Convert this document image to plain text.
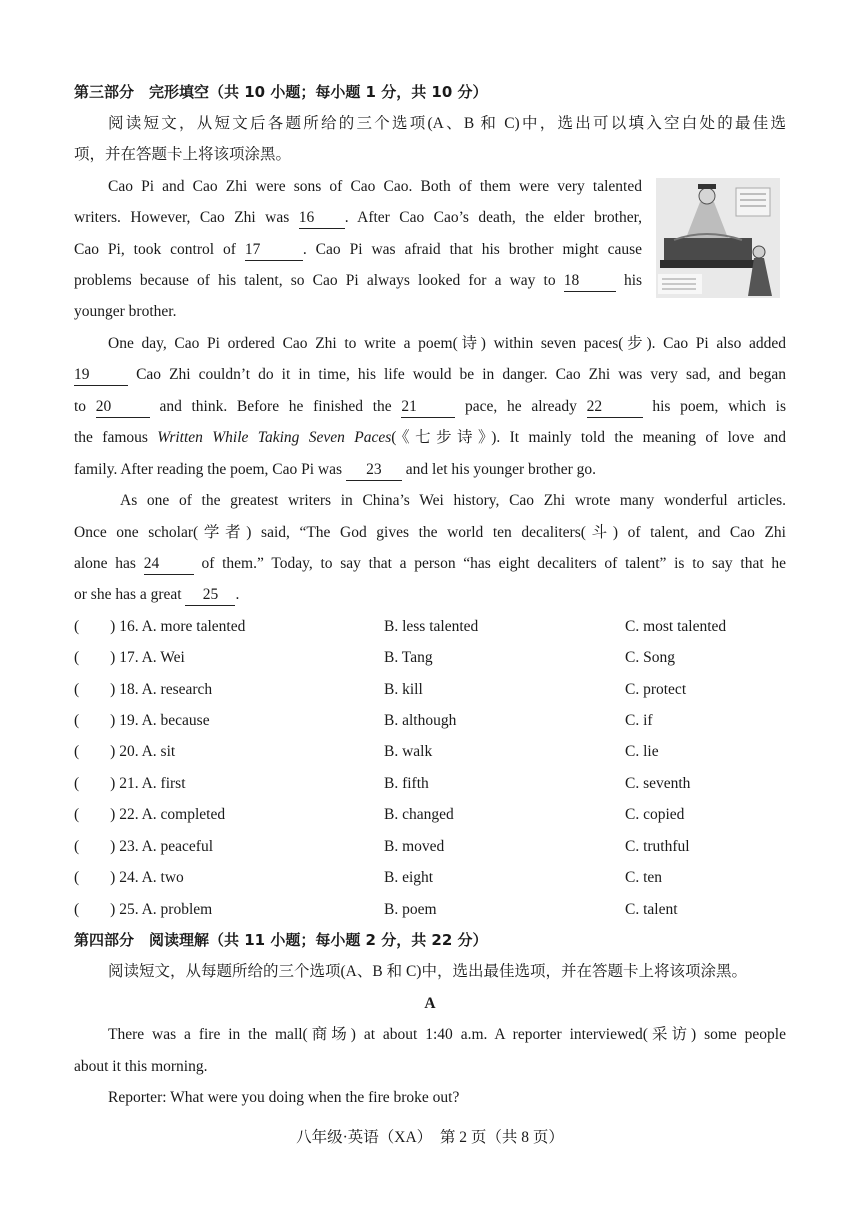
第三部分　完形填空（共 10 小题；每小题 1 分，共 10 分）
阅读短文，从短文后各题所给的三个选项(A、B 和 C)中，选出可以填入空白处的最佳选
项，并在答题卡上将该项涂黑。
Cao Pi and Cao Zhi were sons of Cao Cao. Both of them were very talented
writers. However, Cao Zhi was 16 . After Cao Cao’s death, the elder brother,
Cao Pi, took control of 17	. Cao Pi was afraid that his brother might cause
problems because of his talent, so Cao Pi always looked for a way to 18	his
younger brother.
One day, Cao Pi ordered Cao Zhi to write a poem(诗) within seven paces(步). Cao Pi also added
19	Cao Zhi couldn’t do it in time, his life would be in danger. Cao Zhi was very sad, and began
to 20	and think. Before he finished the 21	pace, he already 22	his poem, which is
the famous Written While Taking Seven Paces(《七步诗》). It mainly told the meaning of love and
family. After reading the poem, Cao Pi was 23 and let his younger brother go.
As one of the greatest writers in China’s Wei history, Cao Zhi wrote many wonderful articles.
Once one scholar(学者) said, “The God gives the world ten decaliters(斗) of talent, and Cao Zhi
alone has 24	of them.” Today, to say that a person “has eight decaliters of talent” is to say that he
or she has a great 25 .
(　　) 16. A. more talented	B. less talented	C. most talented
(　　) 17. A. Wei	B. Tang	C. Song
(　　) 18. A. research	B. kill	C. protect
(　　) 19. A. because	B. although	C. if
(　　) 20. A. sit	B. walk	C. lie
(　　) 21. A. first	B. fifth	C. seventh
(　　) 22. A. completed	B. changed	C. copied
(　　) 23. A. peaceful	B. moved	C. truthful
(　　) 24. A. two	B. eight	C. ten
(　　) 25. A. problem	B. poem	C. talent
第四部分　阅读理解（共 11 小题；每小题 2 分，共 22 分）
阅读短文，从每题所给的三个选项(A、B 和 C)中，选出最佳选项，并在答题卡上将该项涂黑。
A
There was a fire in the mall(商场) at about 1:40 a.m. A reporter interviewed(采访) some people
about it this morning.
Reporter: What were you doing when the fire broke out?
八年级·英语（XA）　第 2 页（共 8 页）
